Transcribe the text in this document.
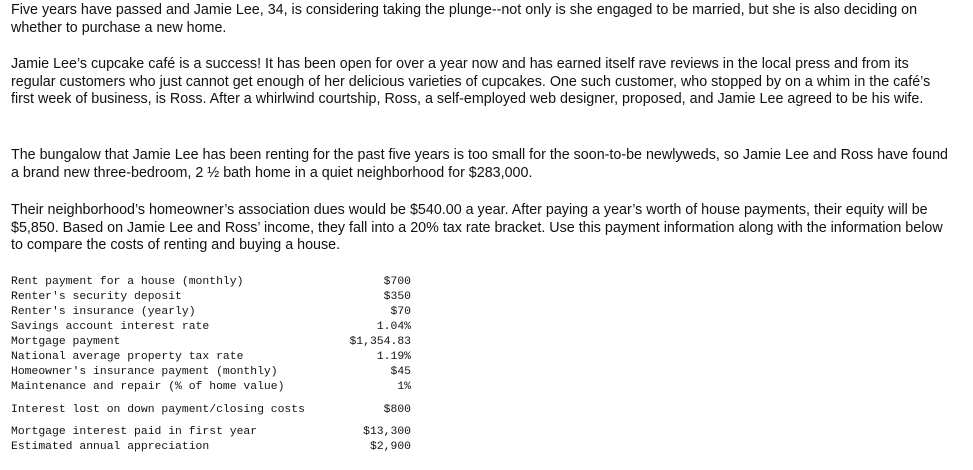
Five years have passed and Jamie Lee, 34, is considering taking the plunge--not only is she engaged to be married, but she is also deciding on whether to purchase a new home.

Jamie Lee’s cupcake café is a success! It has been open for over a year now and has earned itself rave reviews in the local press and from its regular customers who just cannot get enough of her delicious varieties of cupcakes. One such customer, who stopped by on a whim in the café’s first week of business, is Ross. After a whirlwind courtship, Ross, a self-employed web designer, proposed, and Jamie Lee agreed to be his wife.

The bungalow that Jamie Lee has been renting for the past five years is too small for the soon-to-be newlyweds, so Jamie Lee and Ross have found a brand new three-bedroom, 2 ½ bath home in a quiet neighborhood for $283,000.

Their neighborhood’s homeowner’s association dues would be $540.00 a year. After paying a year’s worth of house payments, their equity will be $5,850. Based on Jamie Lee and Ross’ income, they fall into a 20% tax rate bracket. Use this payment information along with the information below to compare the costs of renting and buying a house.

Rent payment for a house (monthly)	$700
Renter's security deposit	$350
Renter's insurance (yearly)	$70
Savings account interest rate	1.04%
Mortgage payment	$1,354.83
National average property tax rate	1.19%
Homeowner's insurance payment (monthly)	$45
Maintenance and repair (% of home value)	1%
Interest lost on down payment/closing costs	$800
Mortgage interest paid in first year	$13,300
Estimated annual appreciation	$2,900
